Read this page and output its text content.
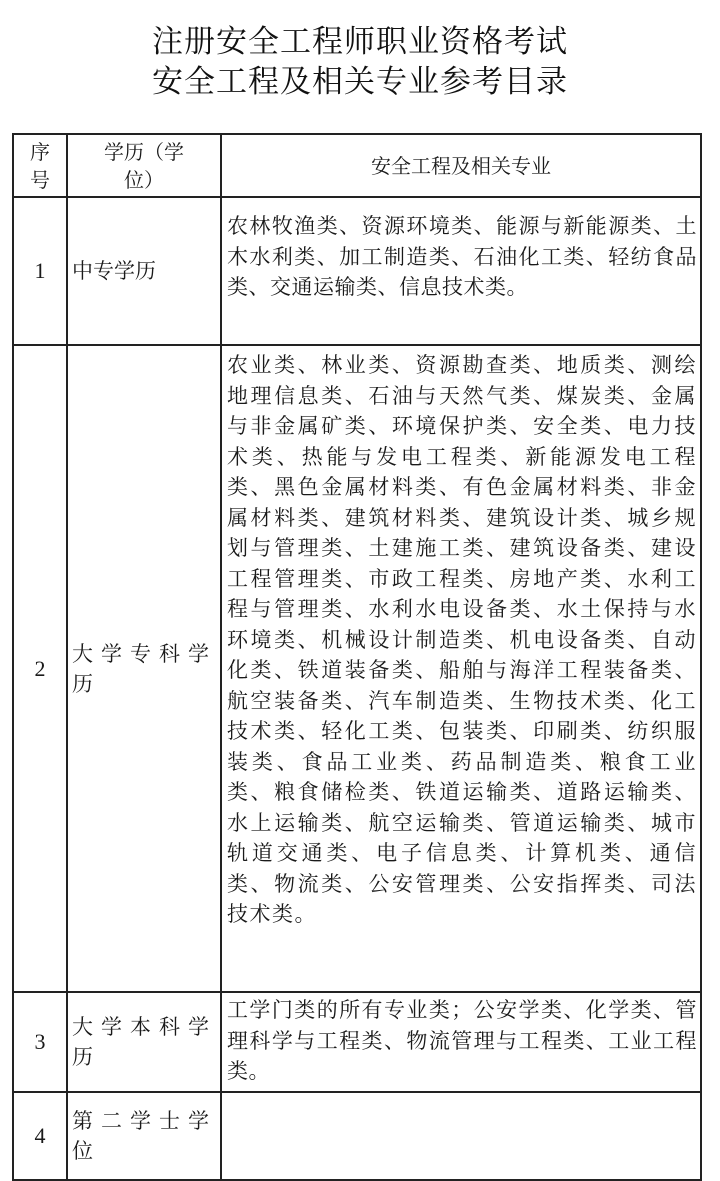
注册安全工程师职业资格考试
安全工程及相关专业参考目录
序号	学历（学位）	安全工程及相关专业
1	中专学历	农林牧渔类、资源环境类、能源与新能源类、土木水利类、加工制造类、石油化工类、轻纺食品类、交通运输类、信息技术类。
2	大学专科学历	农业类、林业类、资源勘查类、地质类、测绘地理信息类、石油与天然气类、煤炭类、金属与非金属矿类、环境保护类、安全类、电力技术类、热能与发电工程类、新能源发电工程类、黑色金属材料类、有色金属材料类、非金属材料类、建筑材料类、建筑设计类、城乡规划与管理类、土建施工类、建筑设备类、建设工程管理类、市政工程类、房地产类、水利工程与管理类、水利水电设备类、水土保持与水环境类、机械设计制造类、机电设备类、自动化类、铁道装备类、船舶与海洋工程装备类、航空装备类、汽车制造类、生物技术类、化工技术类、轻化工类、包装类、印刷类、纺织服装类、食品工业类、药品制造类、粮食工业类、粮食储检类、铁道运输类、道路运输类、水上运输类、航空运输类、管道运输类、城市轨道交通类、电子信息类、计算机类、通信类、物流类、公安管理类、公安指挥类、司法技术类。
3	大学本科学历	工学门类的所有专业类；公安学类、化学类、管理科学与工程类、物流管理与工程类、工业工程类。
4	第二学士学位	
